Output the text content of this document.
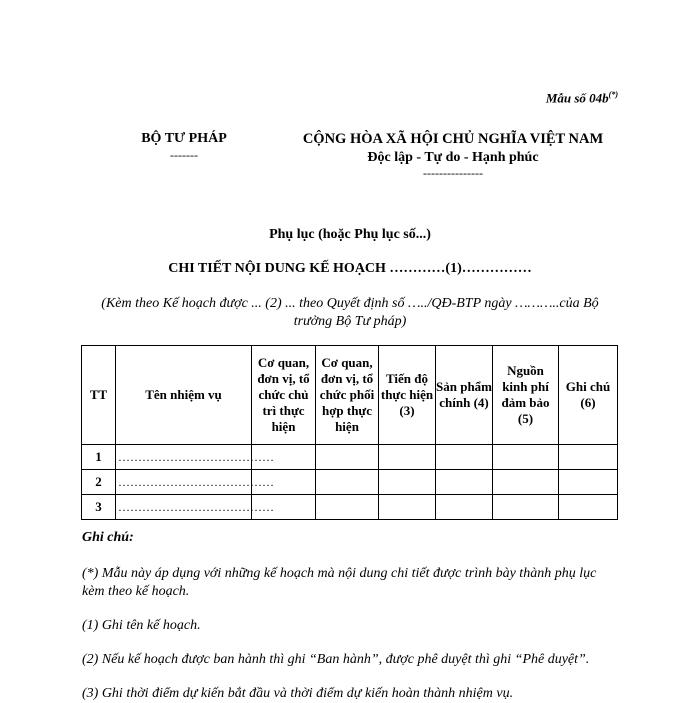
Mẫu số 04b(*)
BỘ TƯ PHÁP
-------
CỘNG HÒA XÃ HỘI CHỦ NGHĨA VIỆT NAM
Độc lập - Tự do - Hạnh phúc
---------------
Phụ lục (hoặc Phụ lục số...)
CHI TIẾT NỘI DUNG KẾ HOẠCH …………(1)……………
(Kèm theo Kế hoạch được ... (2) ... theo Quyết định số …../QĐ-BTP ngày ………..của Bộ trưởng Bộ Tư pháp)
TT	Tên nhiệm vụ	Cơ quan, đơn vị, tổ chức chủ trì thực hiện	Cơ quan, đơn vị, tổ chức phối hợp thực hiện	Tiến độ thực hiện (3)	Sản phẩm chính (4)	Nguồn kinh phí đảm bảo (5)	Ghi chú (6)
1	…………………………………						
2	…………………………………						
3	…………………………………						
Ghi chú:
(*) Mẫu này áp dụng với những kế hoạch mà nội dung chi tiết được trình bày thành phụ lục kèm theo kế hoạch.
(1) Ghi tên kế hoạch.
(2) Nếu kế hoạch được ban hành thì ghi “Ban hành”, được phê duyệt thì ghi “Phê duyệt”.
(3) Ghi thời điểm dự kiến bắt đầu và thời điểm dự kiến hoàn thành nhiệm vụ.
